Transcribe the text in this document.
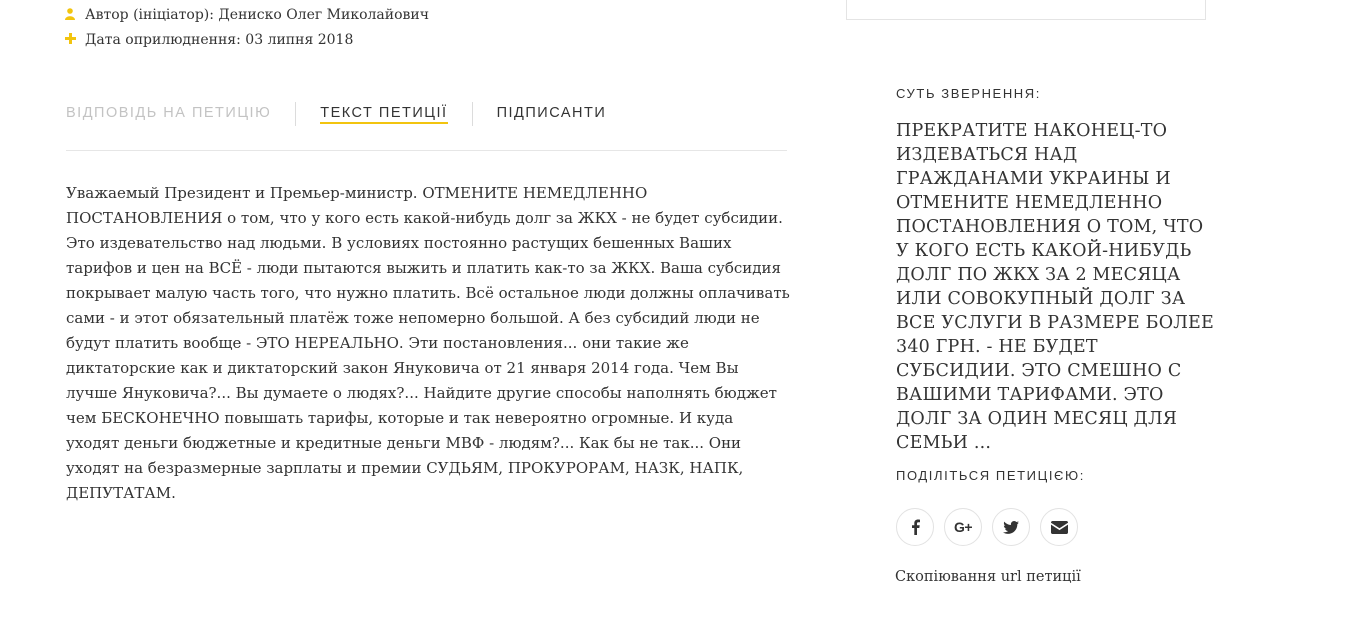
Автор (ініціатор): Дениско Олег Миколайович
Дата оприлюднення: 03 липня 2018
ВІДПОВІДЬ НА ПЕТИЦІЮ	ТЕКСТ ПЕТИЦІЇ	ПІДПИСАНТИ
Уважаемый Президент и Премьер-министр. ОТМЕНИТЕ НЕМЕДЛЕННО ПОСТАНОВЛЕНИЯ о том, что у кого есть какой-нибудь долг за ЖКХ - не будет субсидии. Это издевательство над людьми. В условиях постоянно растущих бешенных Ваших тарифов и цен на ВСЁ - люди пытаются выжить и платить как-то за ЖКХ. Ваша субсидия покрывает малую часть того, что нужно платить. Всё остальное люди должны оплачивать сами - и этот обязательный платёж тоже непомерно большой. А без субсидий люди не будут платить вообще - ЭТО НЕРЕАЛЬНО. Эти постановления... они такие же диктаторские как и диктаторский закон Януковича от 21 января 2014 года. Чем Вы лучше Януковича?... Вы думаете о людях?... Найдите другие способы наполнять бюджет чем БЕСКОНЕЧНО повышать тарифы, которые и так невероятно огромные. И куда уходят деньги бюджетные и кредитные деньги МВФ - людям?... Как бы не так... Они уходят на безразмерные зарплаты и премии СУДЬЯМ, ПРОКУРОРАМ, НАЗК, НАПК, ДЕПУТАТАМ.
СУТЬ ЗВЕРНЕННЯ:
ПРЕКРАТИТЕ НАКОНЕЦ-ТО ИЗДЕВАТЬСЯ НАД ГРАЖДАНАМИ УКРАИНЫ И ОТМЕНИТЕ НЕМЕДЛЕННО ПОСТАНОВЛЕНИЯ О ТОМ, ЧТО У КОГО ЕСТЬ КАКОЙ-НИБУДЬ ДОЛГ ПО ЖКХ ЗА 2 МЕСЯЦА ИЛИ СОВОКУПНЫЙ ДОЛГ ЗА ВСЕ УСЛУГИ В РАЗМЕРЕ БОЛЕЕ 340 ГРН. - НЕ БУДЕТ СУБСИДИИ. ЭТО СМЕШНО С ВАШИМИ ТАРИФАМИ. ЭТО ДОЛГ ЗА ОДИН МЕСЯЦ ДЛЯ СЕМЬИ ...
ПОДІЛІТЬСЯ ПЕТИЦІЄЮ:
G+
Скопіювання url петиції
